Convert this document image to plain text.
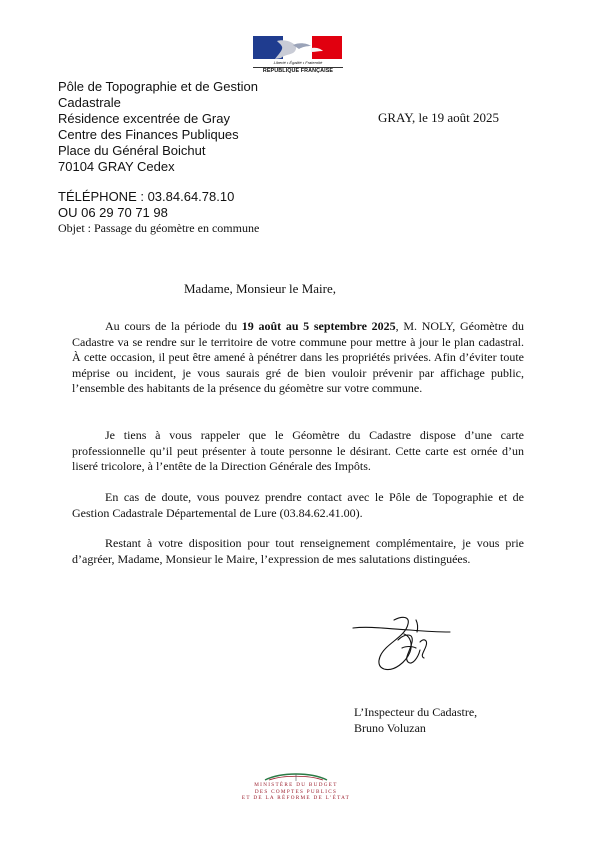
Liberté • Égalité • Fraternité
RÉPUBLIQUE FRANÇAISE
Pôle de Topographie et de Gestion
Cadastrale
Résidence excentrée de Gray
Centre des Finances Publiques
Place du Général Boichut
70104 GRAY Cedex
TÉLÉPHONE : 03.84.64.78.10
OU 06 29 70 71 98
GRAY, le 19 août 2025
Objet : Passage du géomètre en commune
Madame, Monsieur le Maire,
Au cours de la période du 19 août au 5 septembre 2025, M. NOLY, Géomètre du Cadastre va se rendre sur le territoire de votre commune pour mettre à jour le plan cadastral. À cette occasion, il peut être amené à pénétrer dans les propriétés privées. Afin d’éviter toute méprise ou incident, je vous saurais gré de bien vouloir prévenir par affichage public, l’ensemble des habitants de la présence du géomètre sur votre commune.
Je tiens à vous rappeler que le Géomètre du Cadastre dispose d’une carte professionnelle qu’il peut présenter à toute personne le désirant. Cette carte est ornée d’un liseré tricolore, à l’entête de la Direction Générale des Impôts.
En cas de doute, vous pouvez prendre contact avec le Pôle de Topographie et de Gestion Cadastrale Départemental de Lure (03.84.62.41.00).
Restant à votre disposition pour tout renseignement complémentaire, je vous prie d’agréer, Madame, Monsieur le Maire, l’expression de mes salutations distinguées.
L’Inspecteur du Cadastre,
Bruno Voluzan
MINISTÈRE DU BUDGET
DES COMPTES PUBLICS
ET DE LA RÉFORME DE L’ÉTAT
